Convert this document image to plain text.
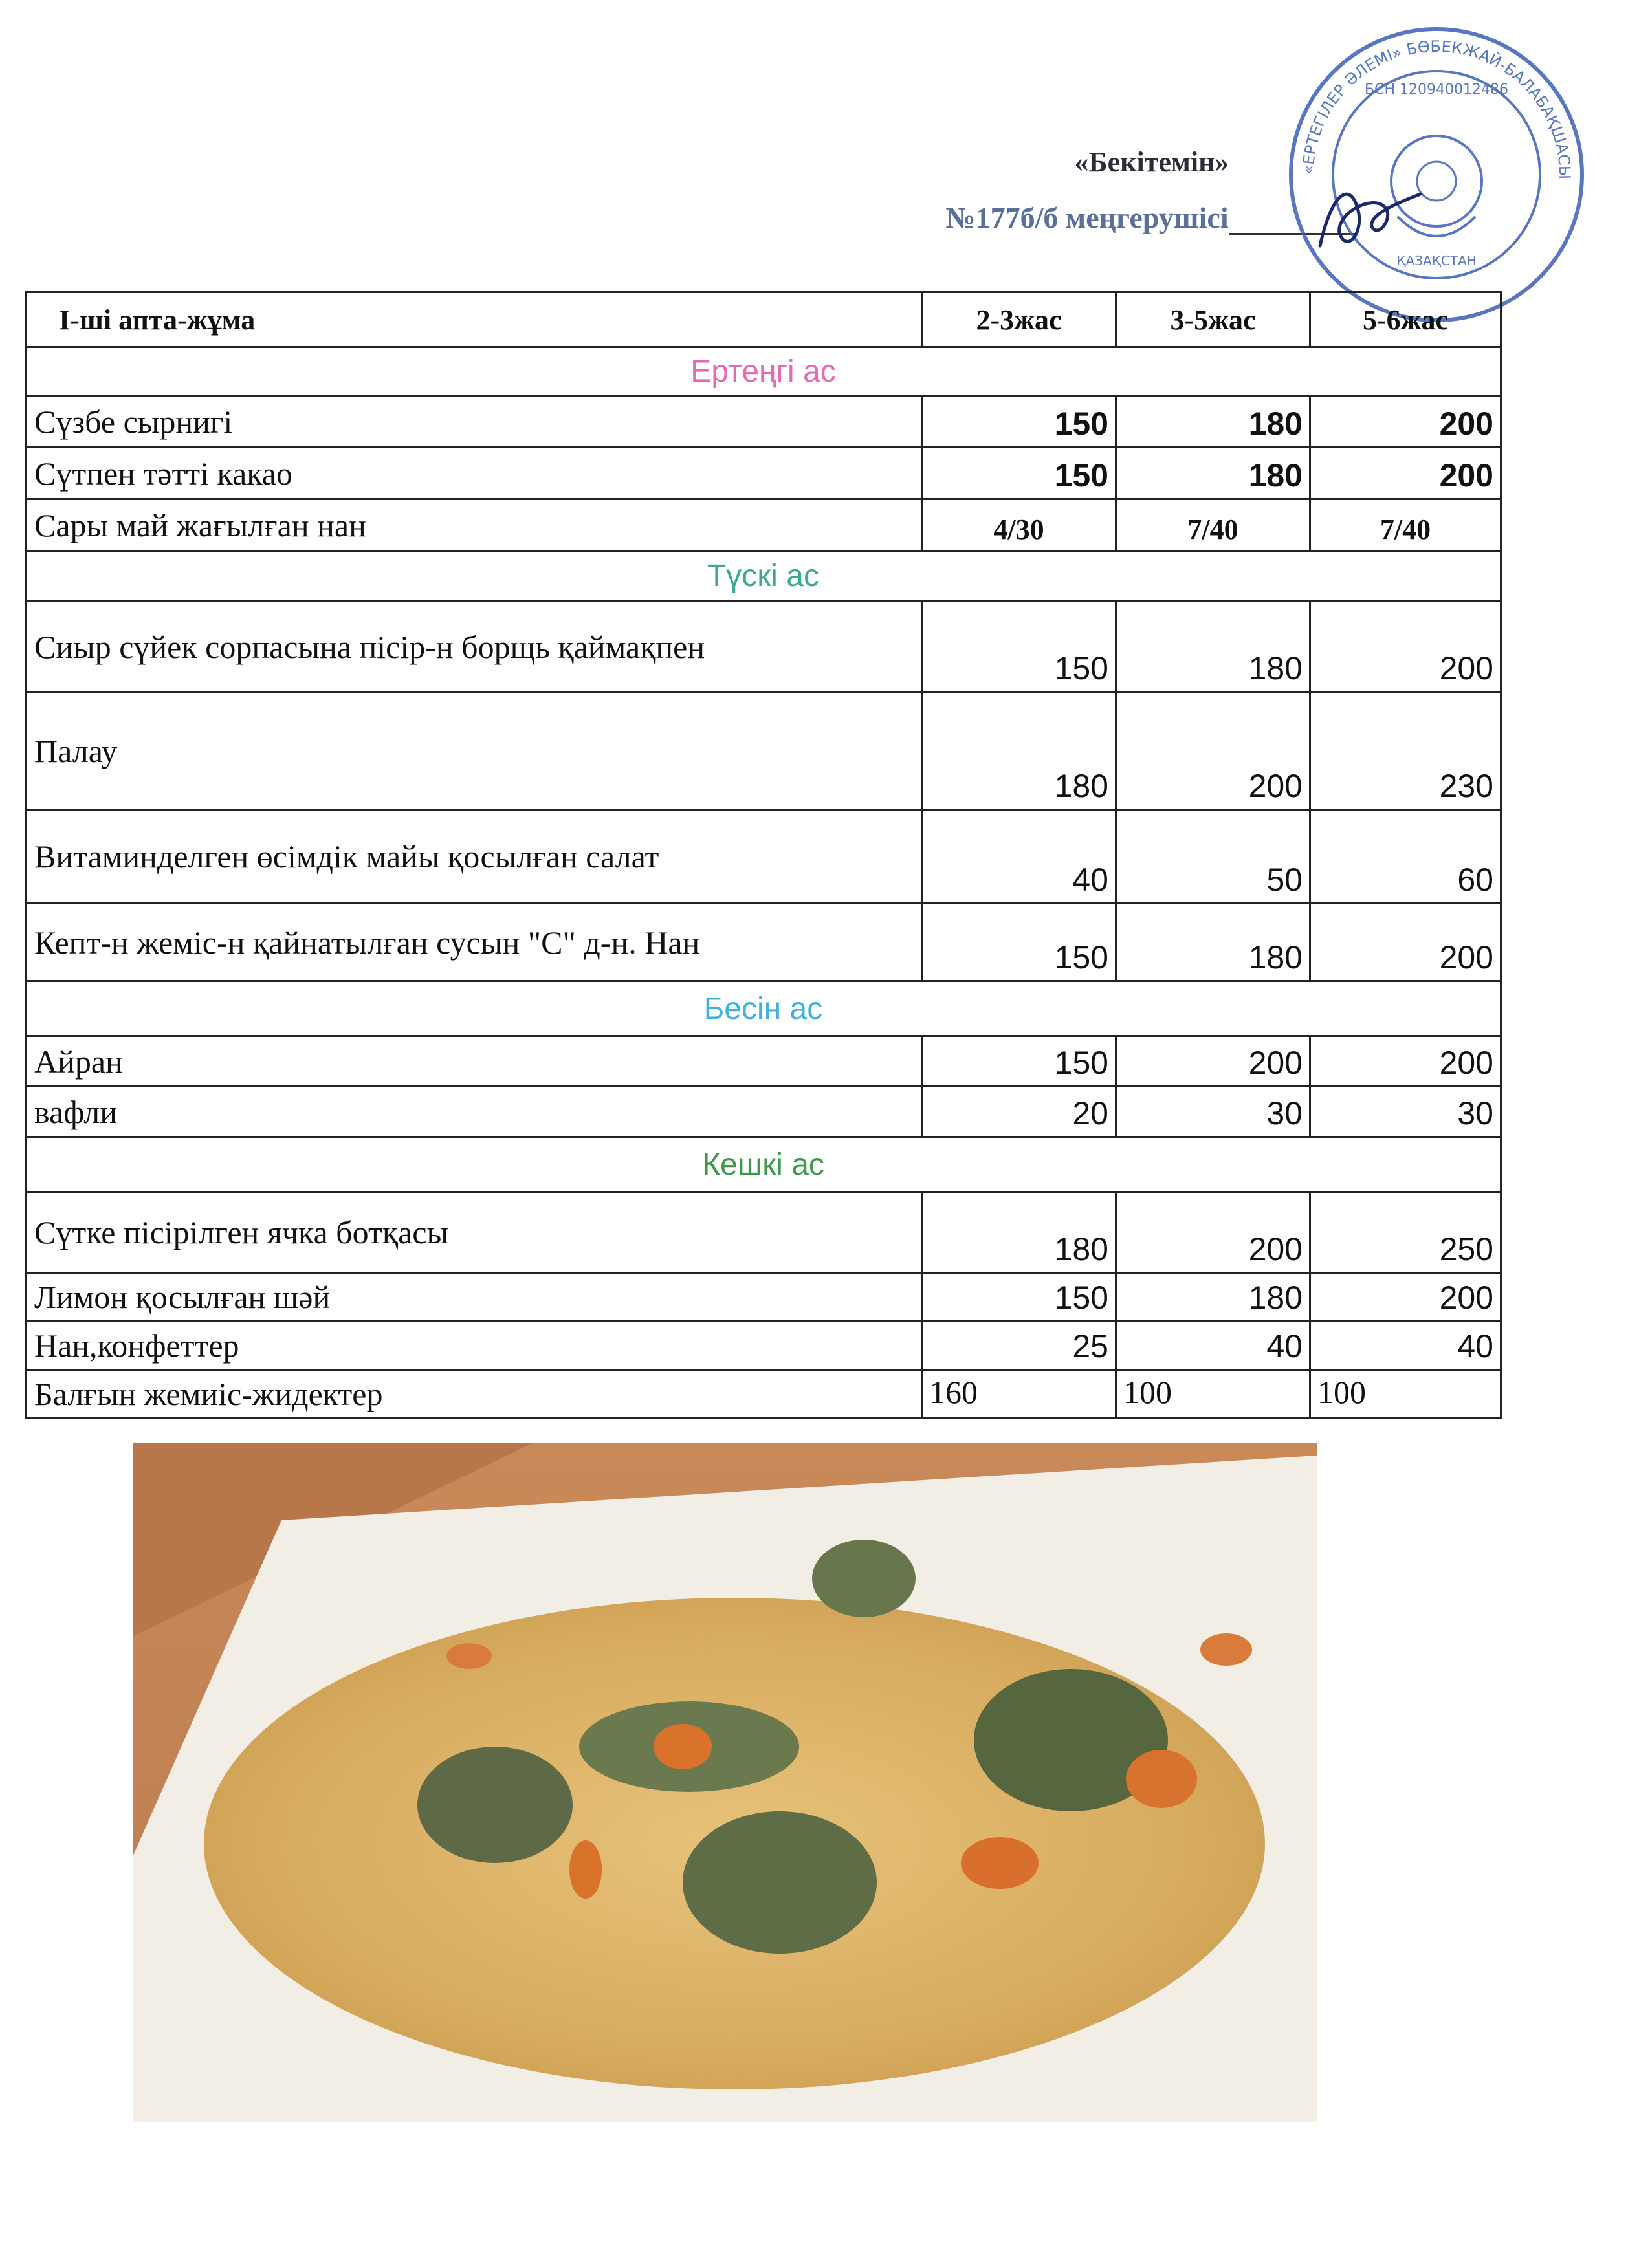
«Бекітемін»
№177б/б меңгерушісі
«ЕРТЕГІЛЕР ӘЛЕМІ» БӨБЕКЖАЙ-БАЛАБАҚШАСЫ
БСН 120940012486
ҚАЗАҚСТАН
І-ші апта-жұма	2-3жас	3-5жас	5-6жас
Ертеңгі ас			
Сүзбе сырнигі	150	180	200
Сүтпен тәтті какао	150	180	200
Сары май жағылған нан	4/30	7/40	7/40
Түскі ас			
Сиыр сүйек сорпасына пісір-н борщь қаймақпен	150	180	200
Палау	180	200	230
Витаминделген өсімдік майы қосылған салат	40	50	60
Кепт-н жеміс-н қайнатылған сусын "С" д-н. Нан	150	180	200
Бесін ас			
Айран	150	200	200
вафли	20	30	30
Кешкі ас			
Сүтке пісірілген ячка ботқасы	180	200	250
Лимон қосылған шәй	150	180	200
Нан,конфеттер	25	40	40
Балғын жемиіс-жидектер	160	100	100
